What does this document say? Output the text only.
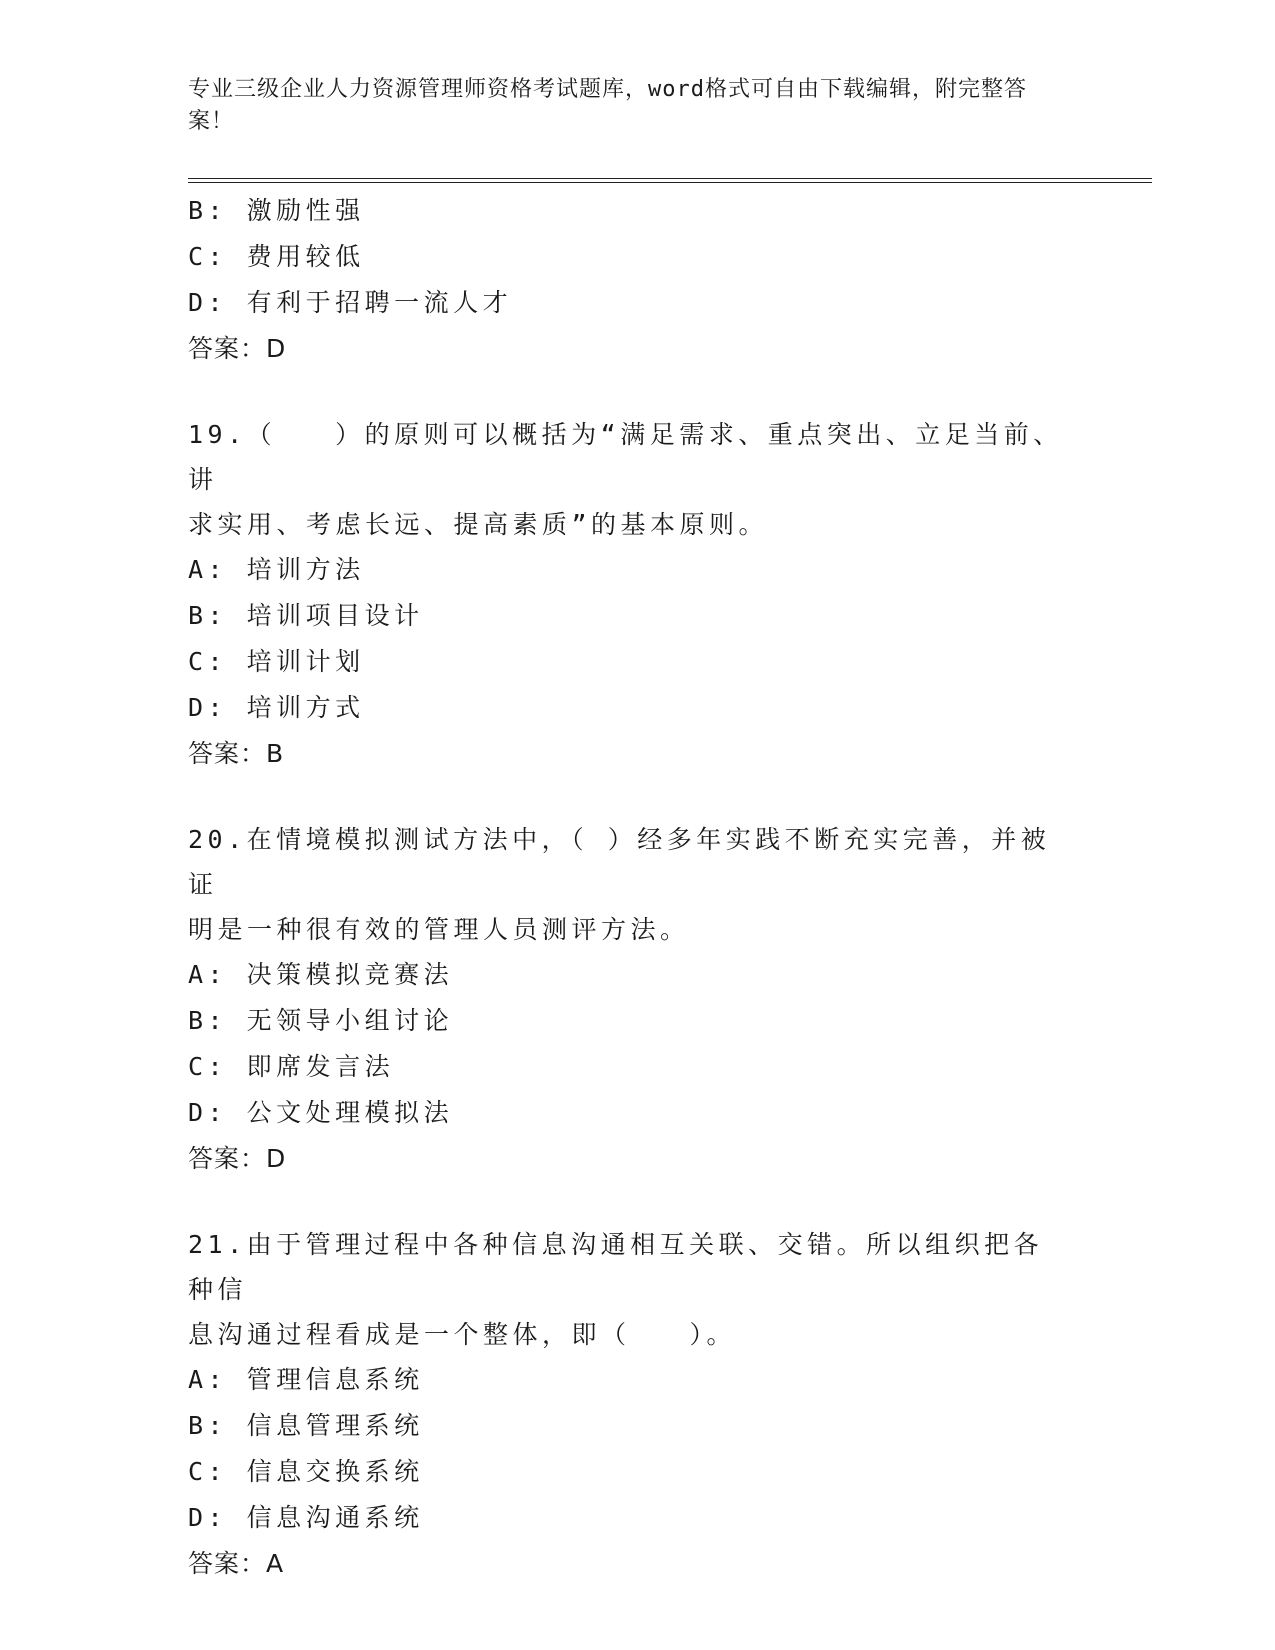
专业三级企业人力资源管理师资格考试题库，word格式可自由下载编辑，附完整答案！
B: 激励性强
C: 费用较低
D: 有利于招聘一流人才
答案：D
19.（　　）的原则可以概括为“满足需求、重点突出、立足当前、讲
求实用、考虑长远、提高素质”的基本原则。
A: 培训方法
B: 培训项目设计
C: 培训计划
D: 培训方式
答案：B
20.在情境模拟测试方法中，（ ）经多年实践不断充实完善，并被证
明是一种很有效的管理人员测评方法。
A: 决策模拟竞赛法
B: 无领导小组讨论
C: 即席发言法
D: 公文处理模拟法
答案：D
21.由于管理过程中各种信息沟通相互关联、交错。所以组织把各种信
息沟通过程看成是一个整体，即（　　）。
A: 管理信息系统
B: 信息管理系统
C: 信息交换系统
D: 信息沟通系统
答案：A
